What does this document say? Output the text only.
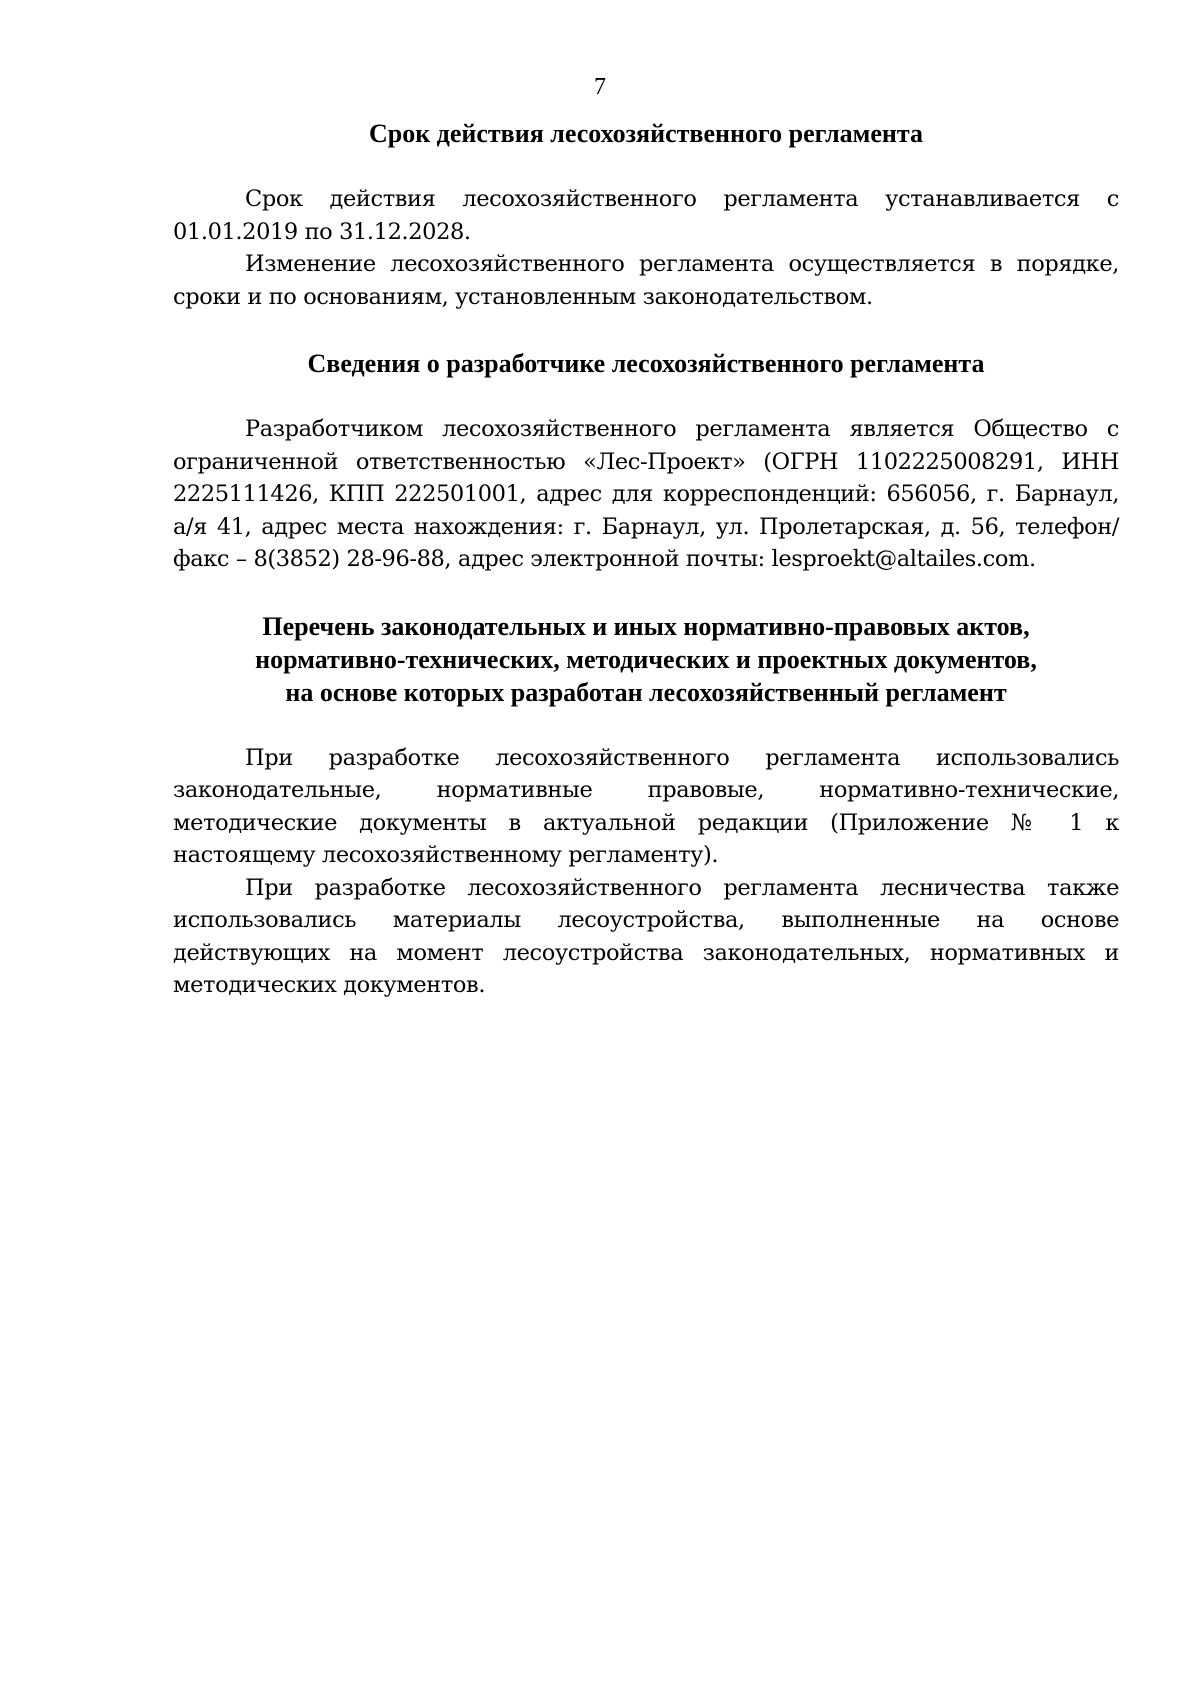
7

Срок действия лесохозяйственного регламента

Срок действия лесохозяйственного регламента устанавливается с 01.01.2019 по 31.12.2028.

Изменение лесохозяйственного регламента осуществляется в порядке, сроки и по основаниям, установленным законодательством.

Сведения о разработчике лесохозяйственного регламента

Разработчиком лесохозяйственного регламента является Общество с ограниченной ответственностью «Лес-Проект» (ОГРН 1102225008291, ИНН 2225111426, КПП 222501001, адрес для корреспонденций: 656056, г. Барнаул, а/я 41, адрес места нахождения: г. Барнаул, ул. Пролетарская, д. 56, телефон/факс – 8(3852) 28-96-88, адрес электронной почты: lesproekt@altailes.com.

Перечень законодательных и иных нормативно-правовых актов,
нормативно-технических, методических и проектных документов,
на основе которых разработан лесохозяйственный регламент

При разработке лесохозяйственного регламента использовались законодательные, нормативные правовые, нормативно-технические, методические документы в актуальной редакции (Приложение № 1 к настоящему лесохозяйственному регламенту).

При разработке лесохозяйственного регламента лесничества также использовались материалы лесоустройства, выполненные на основе действующих на момент лесоустройства законодательных, нормативных и методических документов.
